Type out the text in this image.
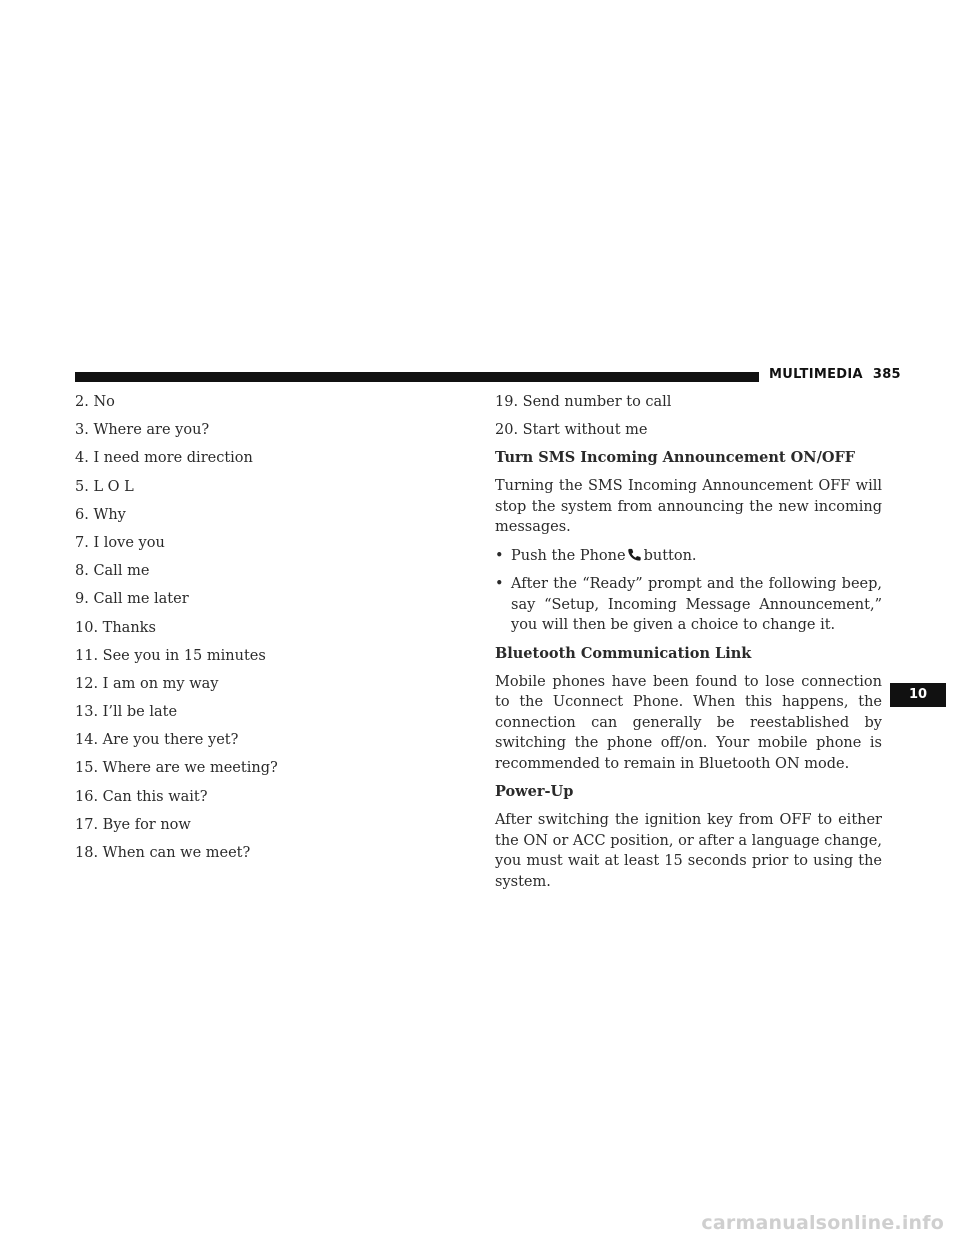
MULTIMEDIA 385
2. No
3. Where are you?
4. I need more direction
5. L O L
6. Why
7. I love you
8. Call me
9. Call me later
10. Thanks
11. See you in 15 minutes
12. I am on my way
13. I’ll be late
14. Are you there yet?
15. Where are we meeting?
16. Can this wait?
17. Bye for now
18. When can we meet?
19. Send number to call
20. Start without me
Turn SMS Incoming Announcement ON/OFF

Turning the SMS Incoming Announcement OFF will stop the system from announcing the new incoming messages.

• Push the Phone button.
• After the “Ready” prompt and the following beep, say “Setup, Incoming Message Announcement,” you will then be given a choice to change it.
Bluetooth Communication Link

Mobile phones have been found to lose connection to the Uconnect Phone. When this happens, the connection can generally be reestablished by switching the phone off/on. Your mobile phone is recommended to remain in Bluetooth ON mode.

Power-Up

After switching the ignition key from OFF to either the ON or ACC position, or after a language change, you must wait at least 15 seconds prior to using the system.

10
carmanualsonline.info
